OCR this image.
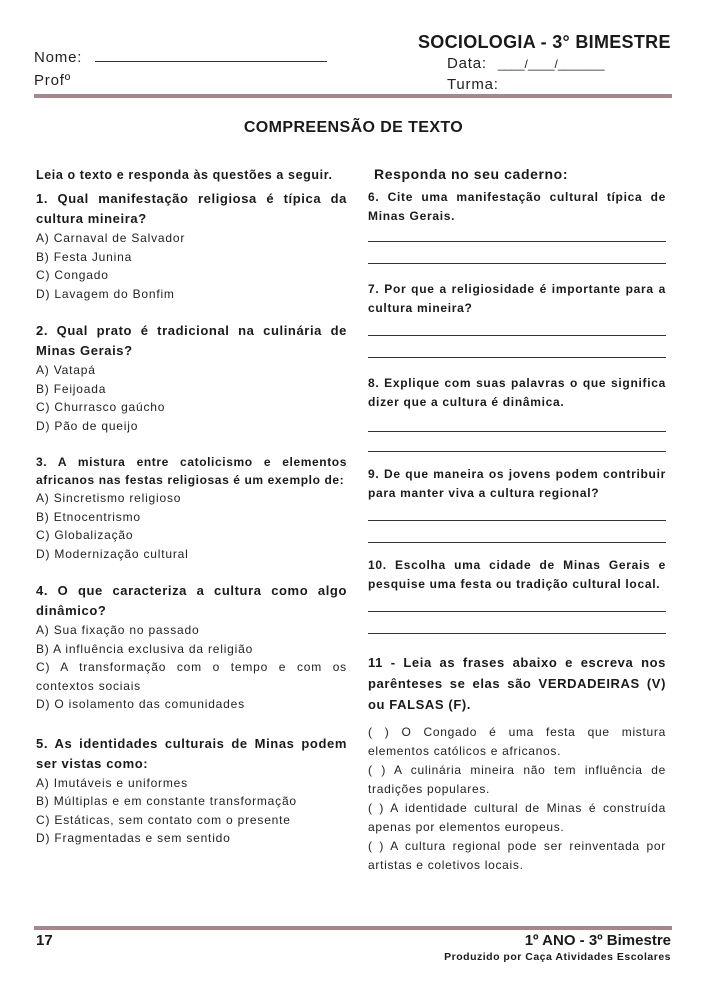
SOCIOLOGIA - 3° BIMESTRE
Nome:
Profº
Data: ____/____/_______
Turma:
COMPREENSÃO DE TEXTO
Leia o texto e responda às questões a seguir.
1. Qual manifestação religiosa é típica da cultura mineira?
A) Carnaval de Salvador
B) Festa Junina
C) Congado
D) Lavagem do Bonfim
2. Qual prato é tradicional na culinária de Minas Gerais?
A) Vatapá
B) Feijoada
C) Churrasco gaúcho
D) Pão de queijo
3. A mistura entre catolicismo e elementos africanos nas festas religiosas é um exemplo de:
A) Sincretismo religioso
B) Etnocentrismo
C) Globalização
D) Modernização cultural
4. O que caracteriza a cultura como algo dinâmico?
A) Sua fixação no passado
B) A influência exclusiva da religião
C) A transformação com o tempo e com os contextos sociais
D) O isolamento das comunidades
5. As identidades culturais de Minas podem ser vistas como:
A) Imutáveis e uniformes
B) Múltiplas e em constante transformação
C) Estáticas, sem contato com o presente
D) Fragmentadas e sem sentido
Responda no seu caderno:
6. Cite uma manifestação cultural típica de Minas Gerais.
7. Por que a religiosidade é importante para a cultura mineira?
8. Explique com suas palavras o que significa dizer que a cultura é dinâmica.
9. De que maneira os jovens podem contribuir para manter viva a cultura regional?
10. Escolha uma cidade de Minas Gerais e pesquise uma festa ou tradição cultural local.
11 - Leia as frases abaixo e escreva nos parênteses se elas são VERDADEIRAS (V) ou FALSAS (F).
( ) O Congado é uma festa que mistura elementos católicos e africanos.
( ) A culinária mineira não tem influência de tradições populares.
( ) A identidade cultural de Minas é construída apenas por elementos europeus.
( ) A cultura regional pode ser reinventada por artistas e coletivos locais.
17	1º ANO - 3º Bimestre
Produzido por Caça Atividades Escolares
